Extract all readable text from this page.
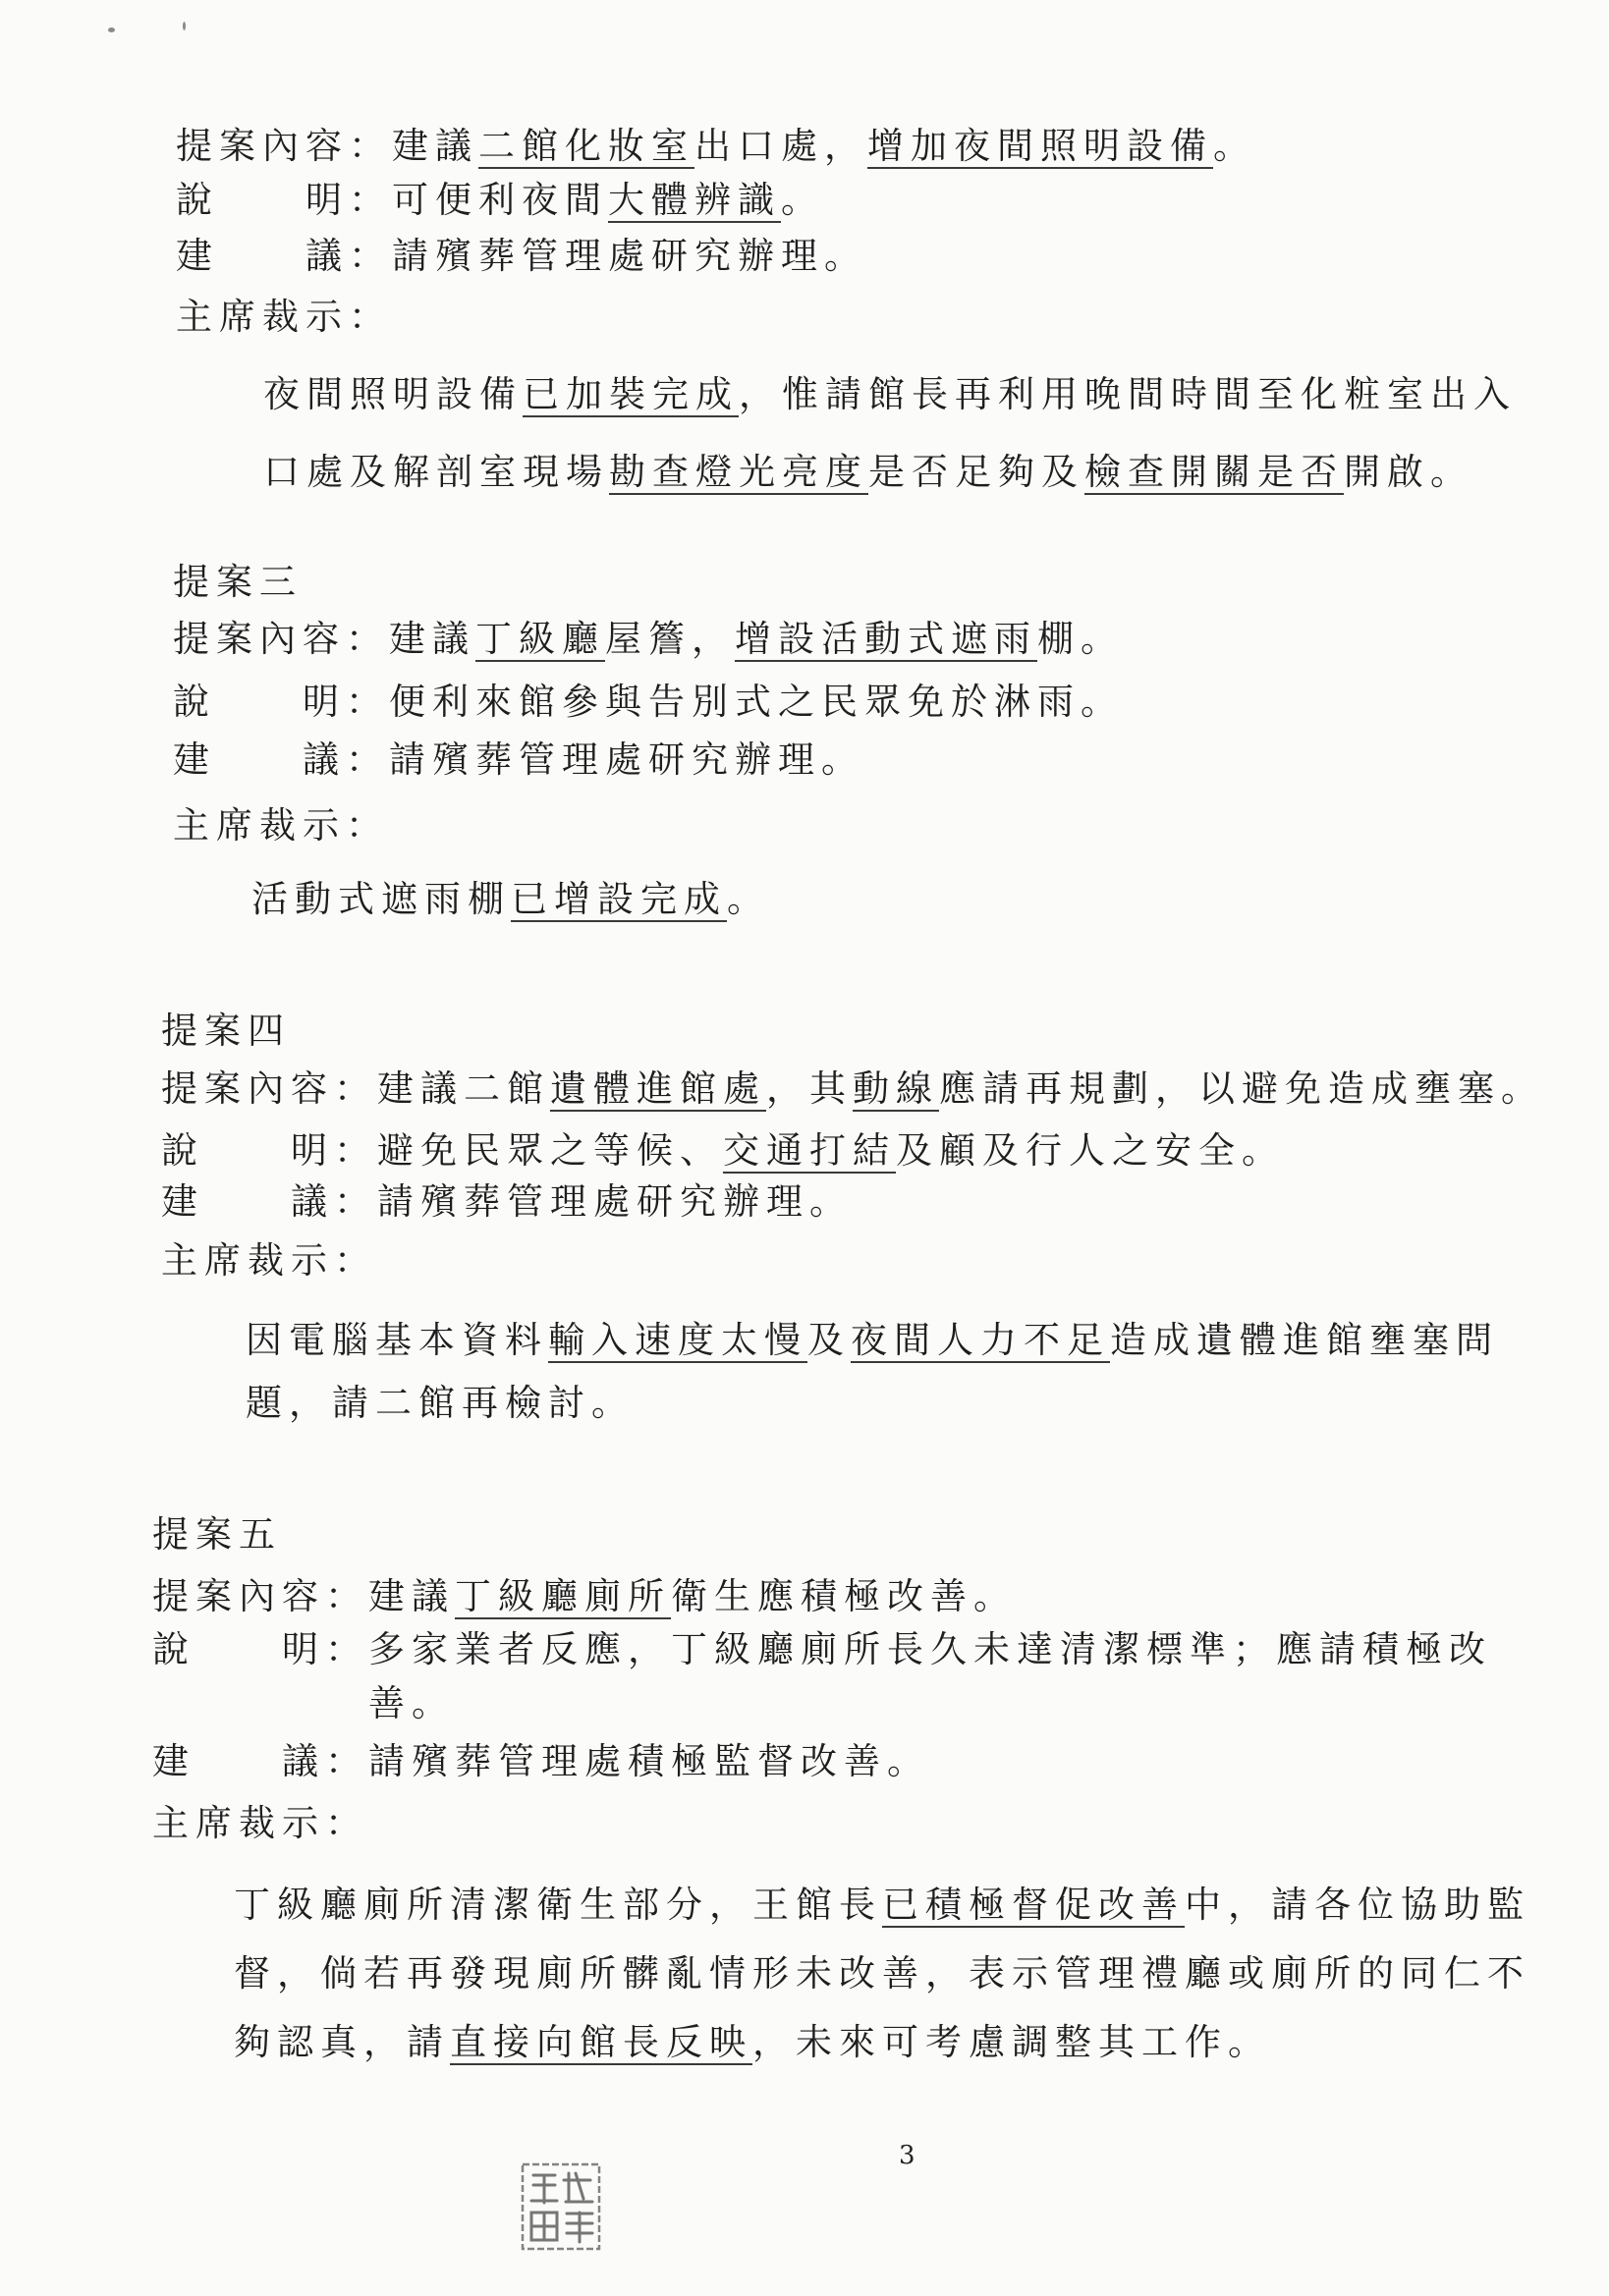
提案內容：建議二館化妝室出口處，增加夜間照明設備。
說　　明：可便利夜間大體辨識。
建　　議：請殯葬管理處研究辦理。
主席裁示：
夜間照明設備已加裝完成，惟請館長再利用晚間時間至化粧室出入
口處及解剖室現場勘查燈光亮度是否足夠及檢查開關是否開啟。
提案三
提案內容：建議丁級廳屋簷，增設活動式遮雨棚。
說　　明：便利來館參與告別式之民眾免於淋雨。
建　　議：請殯葬管理處研究辦理。
主席裁示：
活動式遮雨棚已增設完成。
提案四
提案內容：建議二館遺體進館處，其動線應請再規劃，以避免造成壅塞。
說　　明：避免民眾之等候、交通打結及顧及行人之安全。
建　　議：請殯葬管理處研究辦理。
主席裁示：
因電腦基本資料輸入速度太慢及夜間人力不足造成遺體進館壅塞問
題，請二館再檢討。
提案五
提案內容：建議丁級廳廁所衛生應積極改善。
說　　明：多家業者反應，丁級廳廁所長久未達清潔標準；應請積極改
善。
建　　議：請殯葬管理處積極監督改善。
主席裁示：
丁級廳廁所清潔衛生部分，王館長已積極督促改善中，請各位協助監
督，倘若再發現廁所髒亂情形未改善，表示管理禮廳或廁所的同仁不
夠認真，請直接向館長反映，未來可考慮調整其工作。
3
